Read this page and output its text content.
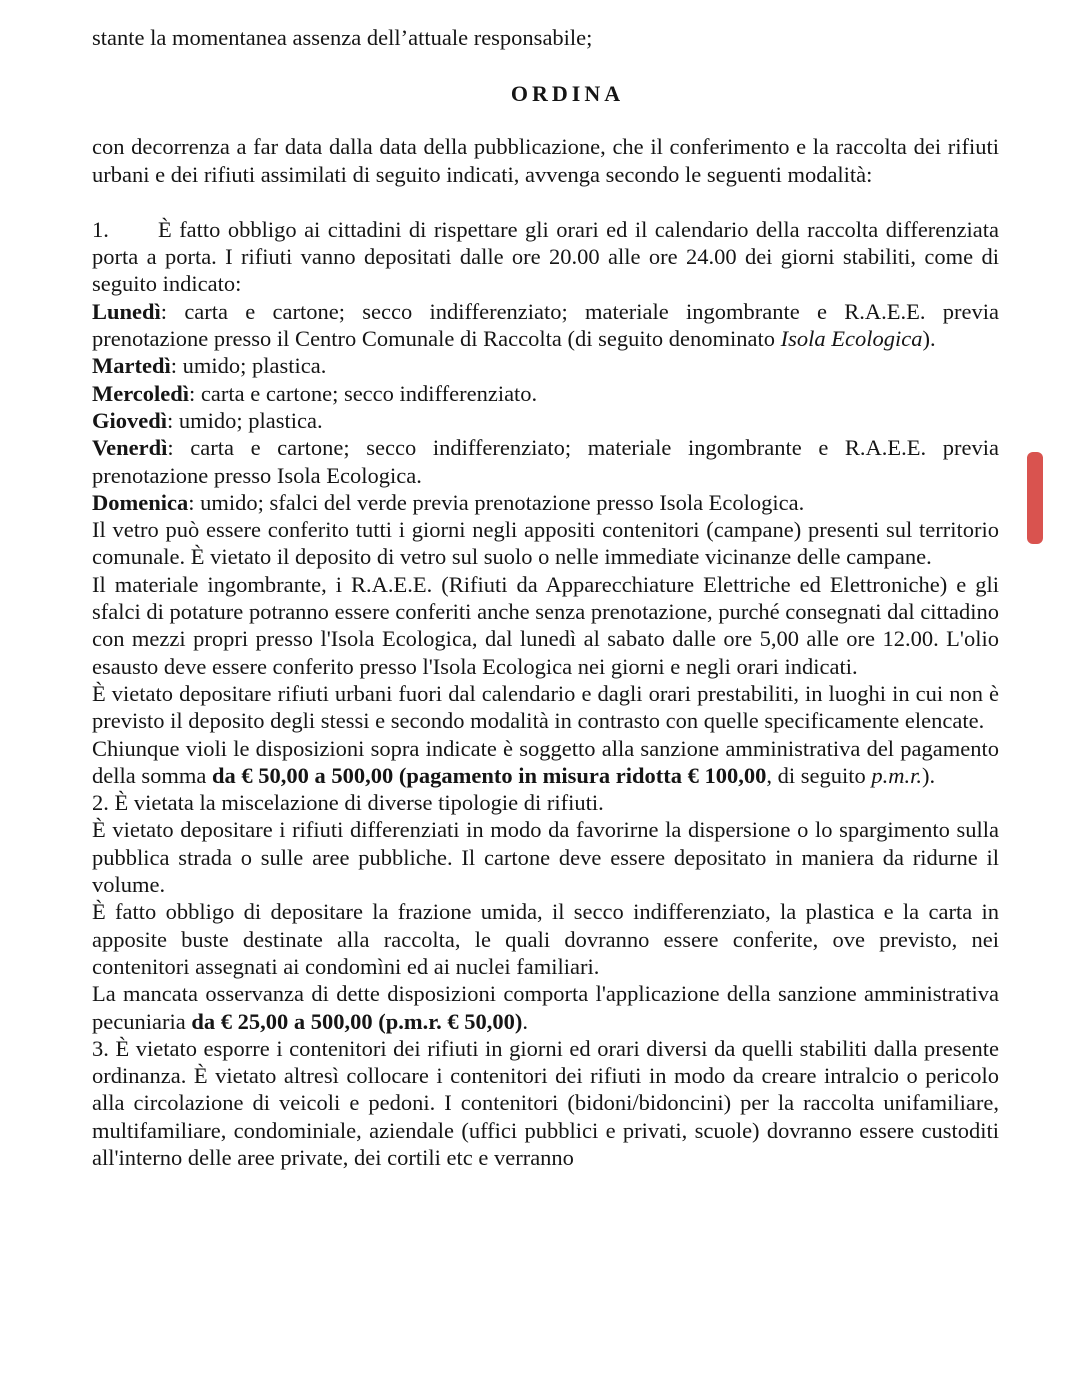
stante la momentanea assenza dell’attuale responsabile;

ORDINA

con decorrenza a far data dalla data della pubblicazione, che il conferimento e la raccolta dei rifiuti urbani e dei rifiuti assimilati di seguito indicati, avvenga secondo le seguenti modalità:

1. È fatto obbligo ai cittadini di rispettare gli orari ed il calendario della raccolta differenziata porta a porta. I rifiuti vanno depositati dalle ore 20.00 alle ore 24.00 dei giorni stabiliti, come di seguito indicato:

Lunedì: carta e cartone; secco indifferenziato; materiale ingombrante e R.A.E.E. previa prenotazione presso il Centro Comunale di Raccolta (di seguito denominato Isola Ecologica).

Martedì: umido; plastica.

Mercoledì: carta e cartone; secco indifferenziato.

Giovedì: umido; plastica.

Venerdì: carta e cartone; secco indifferenziato; materiale ingombrante e R.A.E.E. previa prenotazione presso Isola Ecologica.

Domenica: umido; sfalci del verde previa prenotazione presso Isola Ecologica.

Il vetro può essere conferito tutti i giorni negli appositi contenitori (campane) presenti sul territorio comunale. È vietato il deposito di vetro sul suolo o nelle immediate vicinanze delle campane.

Il materiale ingombrante, i R.A.E.E. (Rifiuti da Apparecchiature Elettriche ed Elettroniche) e gli sfalci di potature potranno essere conferiti anche senza prenotazione, purché consegnati dal cittadino con mezzi propri presso l'Isola Ecologica, dal lunedì al sabato dalle ore 5,00 alle ore 12.00. L'olio esausto deve essere conferito presso l'Isola Ecologica nei giorni e negli orari indicati.

È vietato depositare rifiuti urbani fuori dal calendario e dagli orari prestabiliti, in luoghi in cui non è previsto il deposito degli stessi e secondo modalità in contrasto con quelle specificamente elencate.

Chiunque violi le disposizioni sopra indicate è soggetto alla sanzione amministrativa del pagamento della somma da € 50,00 a 500,00 (pagamento in misura ridotta € 100,00, di seguito p.m.r.).

2. È vietata la miscelazione di diverse tipologie di rifiuti.

È vietato depositare i rifiuti differenziati in modo da favorirne la dispersione o lo spargimento sulla pubblica strada o sulle aree pubbliche. Il cartone deve essere depositato in maniera da ridurne il volume.

È fatto obbligo di depositare la frazione umida, il secco indifferenziato, la plastica e la carta in apposite buste destinate alla raccolta, le quali dovranno essere conferite, ove previsto, nei contenitori assegnati ai condomìni ed ai nuclei familiari.

La mancata osservanza di dette disposizioni comporta l'applicazione della sanzione amministrativa pecuniaria da € 25,00 a 500,00 (p.m.r. € 50,00).

3. È vietato esporre i contenitori dei rifiuti in giorni ed orari diversi da quelli stabiliti dalla presente ordinanza. È vietato altresì collocare i contenitori dei rifiuti in modo da creare intralcio o pericolo alla circolazione di veicoli e pedoni. I contenitori (bidoni/bidoncini) per la raccolta unifamiliare, multifamiliare, condominiale, aziendale (uffici pubblici e privati, scuole) dovranno essere custoditi all'interno delle aree private, dei cortili etc e verranno
